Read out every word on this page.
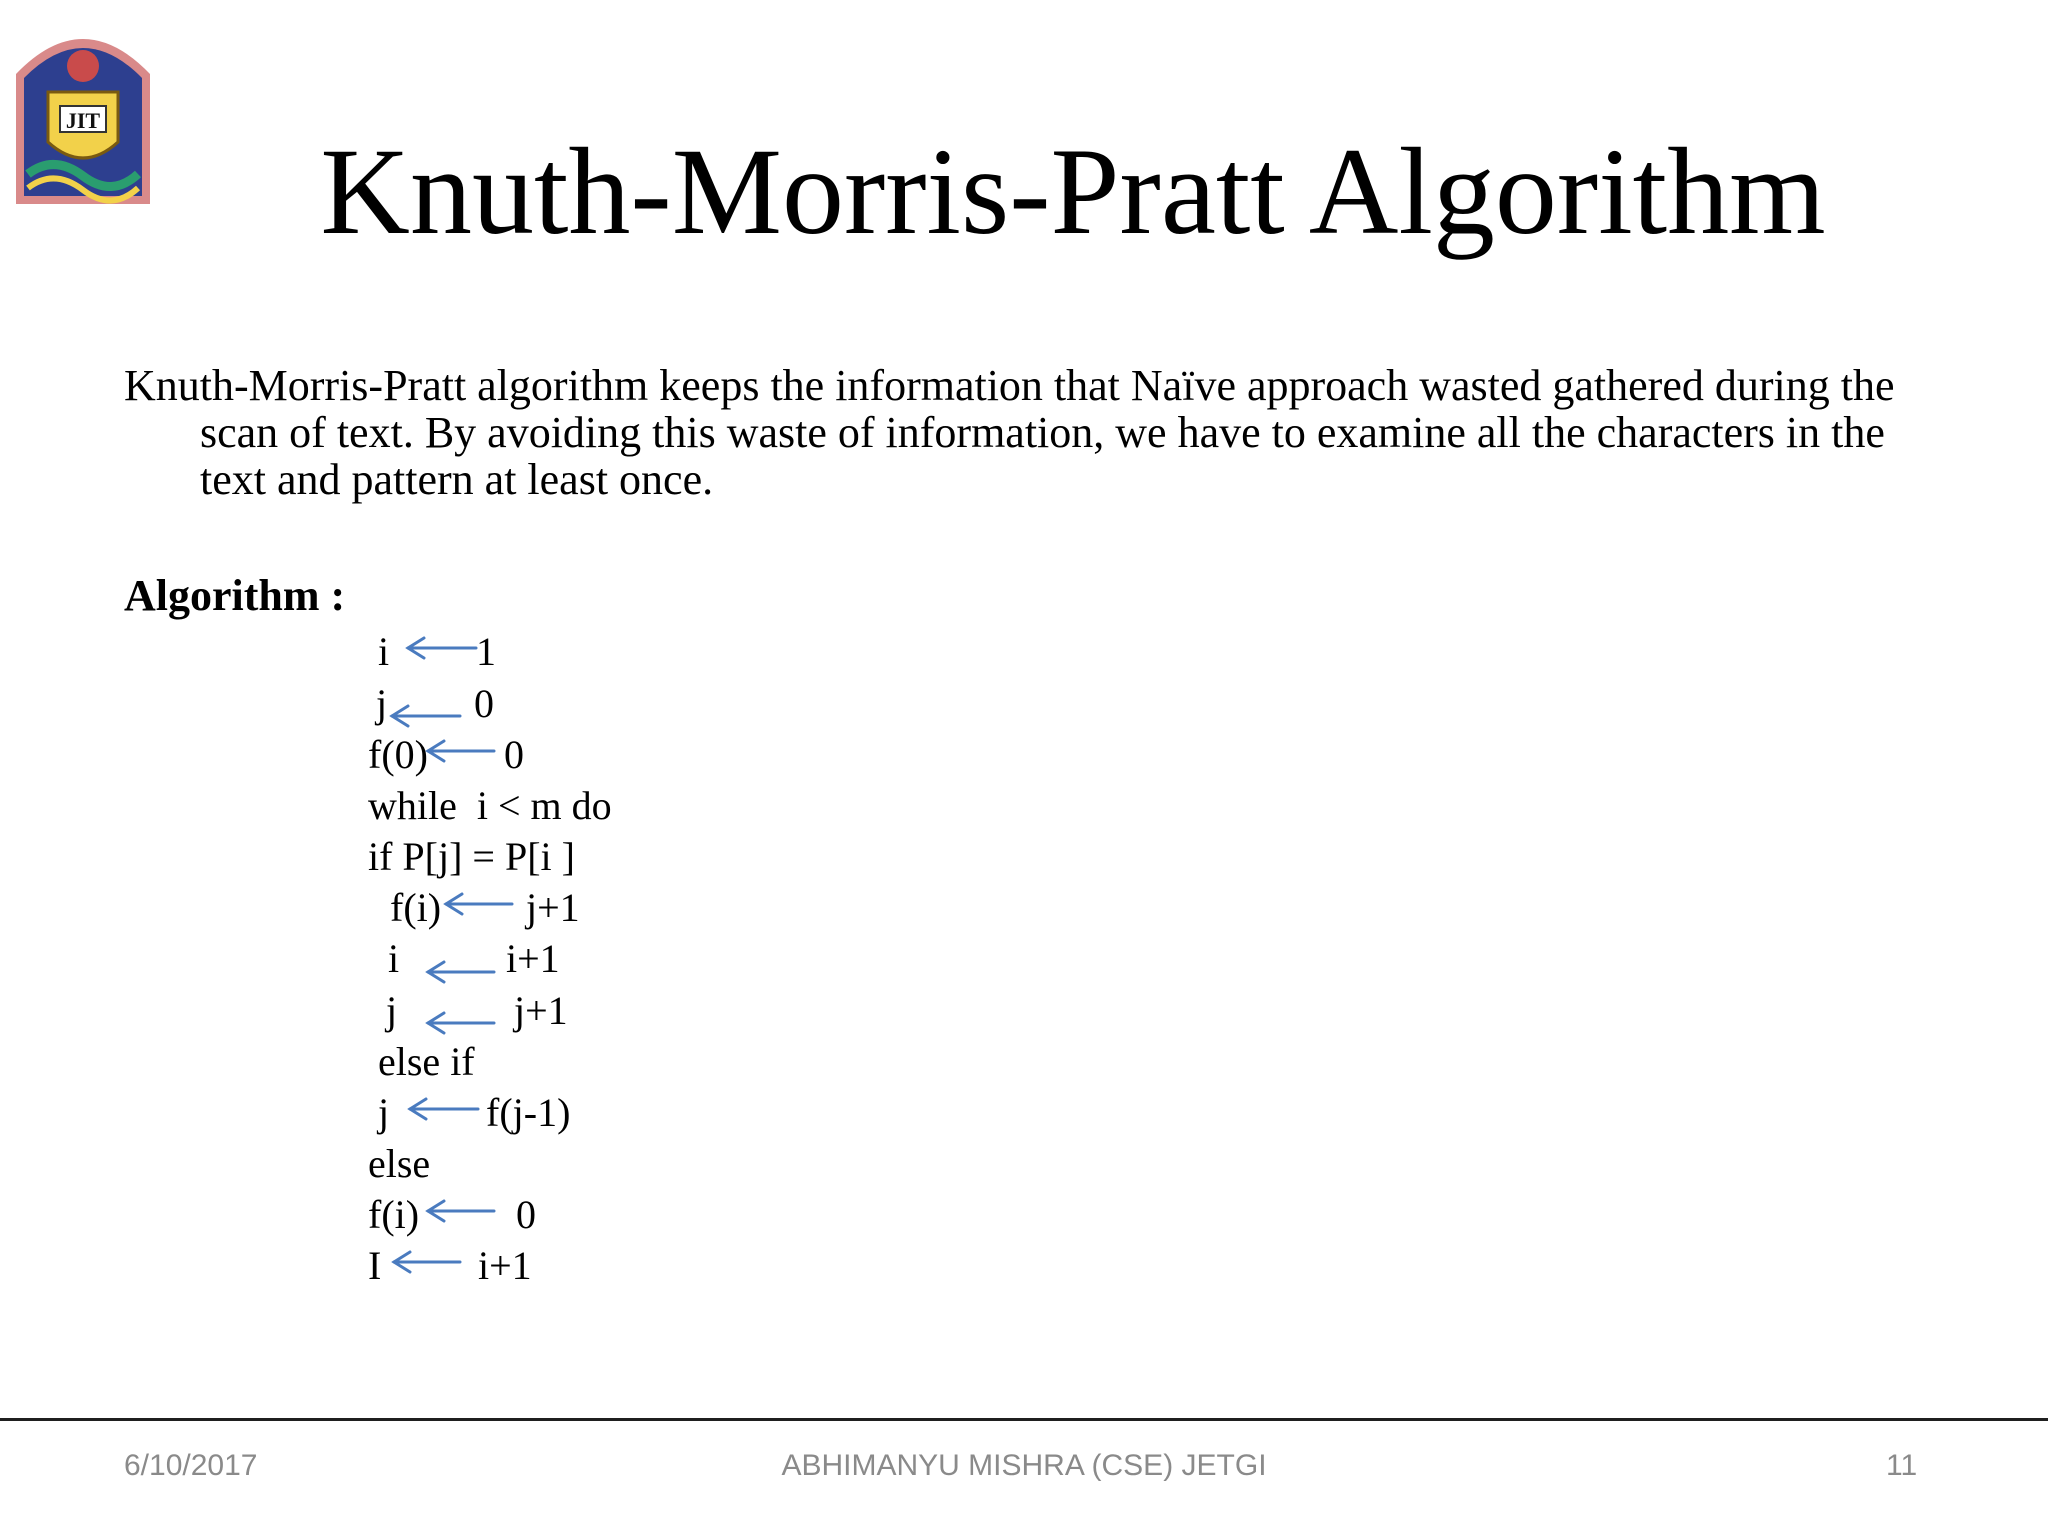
JIT
Knuth-Morris-Pratt Algorithm

Knuth-Morris-Pratt algorithm keeps the information that Naïve approach wasted gathered during the scan of text. By avoiding this waste of information, we have to examine all the characters in the text and pattern at least once.

Algorithm :

i 1
j 0
f(0) 0
while  i < m do
if P[j] = P[i ]
f(i) j+1
i	i+1
j	j+1
else if
j f(j-1)
else
f(i) 0
I i+1
6/10/2017	ABHIMANYU MISHRA (CSE) JETGI	11
